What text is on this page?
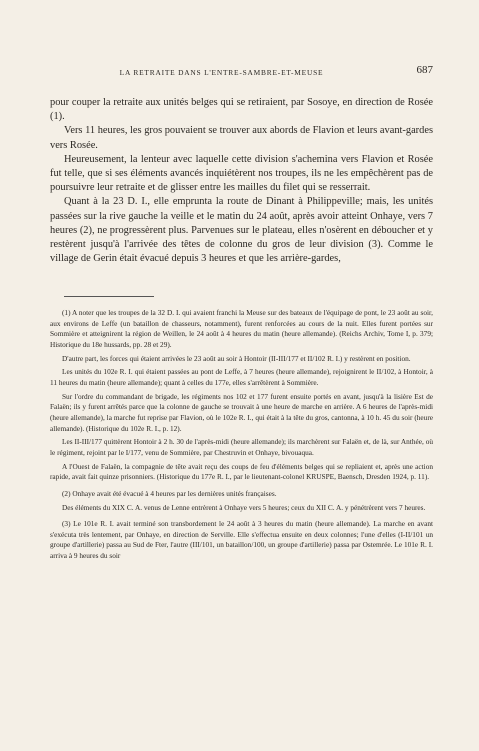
LA RETRAITE DANS L'ENTRE-SAMBRE-ET-MEUSE	687

pour couper la retraite aux unités belges qui se retiraient, par Sosoye, en direction de Rosée (1).

Vers 11 heures, les gros pouvaient se trouver aux abords de Flavion et leurs avant-gardes vers Rosée.

Heureusement, la lenteur avec laquelle cette division s'achemina vers Flavion et Rosée fut telle, que si ses éléments avancés inquiétèrent nos troupes, ils ne les empêchèrent pas de poursuivre leur retraite et de glisser entre les mailles du filet qui se resserrait.

Quant à la 23 D. I., elle emprunta la route de Dinant à Philippeville; mais, les unités passées sur la rive gauche la veille et le matin du 24 août, après avoir atteint Onhaye, vers 7 heures (2), ne progressèrent plus. Parvenues sur le plateau, elles n'osèrent en déboucher et y restèrent jusqu'à l'arrivée des têtes de colonne du gros de leur division (3). Comme le village de Gerin était évacué depuis 3 heures et que les arrière-gardes,

(1) A noter que les troupes de la 32 D. I. qui avaient franchi la Meuse sur des bateaux de l'équipage de pont, le 23 août au soir, aux environs de Leffe (un bataillon de chasseurs, notamment), furent renforcées au cours de la nuit. Elles furent portées sur Sommière et atteignirent la région de Weillen, le 24 août à 4 heures du matin (heure allemande). (Reichs Archiv, Tome I, p. 379; Historique du 18e hussards, pp. 28 et 29).

D'autre part, les forces qui étaient arrivées le 23 août au soir à Hontoir (II-III/177 et II/102 R. I.) y restèrent en position.

Les unités du 102e R. I. qui étaient passées au pont de Leffe, à 7 heures (heure allemande), rejoignirent le II/102, à Hontoir, à 11 heures du matin (heure allemande); quant à celles du 177e, elles s'arrêtèrent à Sommière.

Sur l'ordre du commandant de brigade, les régiments nos 102 et 177 furent ensuite portés en avant, jusqu'à la lisière Est de Falaën; ils y furent arrêtés parce que la colonne de gauche se trouvait à une heure de marche en arrière. A 6 heures de l'après-midi (heure allemande), la marche fut reprise par Flavion, où le 102e R. I., qui était à la tête du gros, cantonna, à 10 h. 45 du soir (heure allemande). (Historique du 102e R. I., p. 12).

Les II-III/177 quittèrent Hontoir à 2 h. 30 de l'après-midi (heure allemande); ils marchèrent sur Falaën et, de là, sur Anthée, où le régiment, rejoint par le I/177, venu de Sommière, par Chestruvin et Onhaye, bivouaqua.

A l'Ouest de Falaën, la compagnie de tête avait reçu des coups de feu d'éléments belges qui se repliaient et, après une action rapide, avait fait quinze prisonniers. (Historique du 177e R. I., par le lieutenant-colonel KRUSPE, Baensch, Dresden 1924, p. 11).

(2) Onhaye avait été évacué à 4 heures par les dernières unités françaises.

Des éléments du XIX C. A. venus de Lenne entrèrent à Onhaye vers 5 heures; ceux du XII C. A. y pénétrèrent vers 7 heures.

(3) Le 101e R. I. avait terminé son transbordement le 24 août à 3 heures du matin (heure allemande). La marche en avant s'exécuta très lentement, par Onhaye, en direction de Serville. Elle s'effectua ensuite en deux colonnes; l'une d'elles (I-II/101 un groupe d'artillerie) passa au Sud de Fter, l'autre (III/101, un bataillon/100, un groupe d'artillerie) passa par Ostemrée. Le 101e R. I. arriva à 9 heures du soir
